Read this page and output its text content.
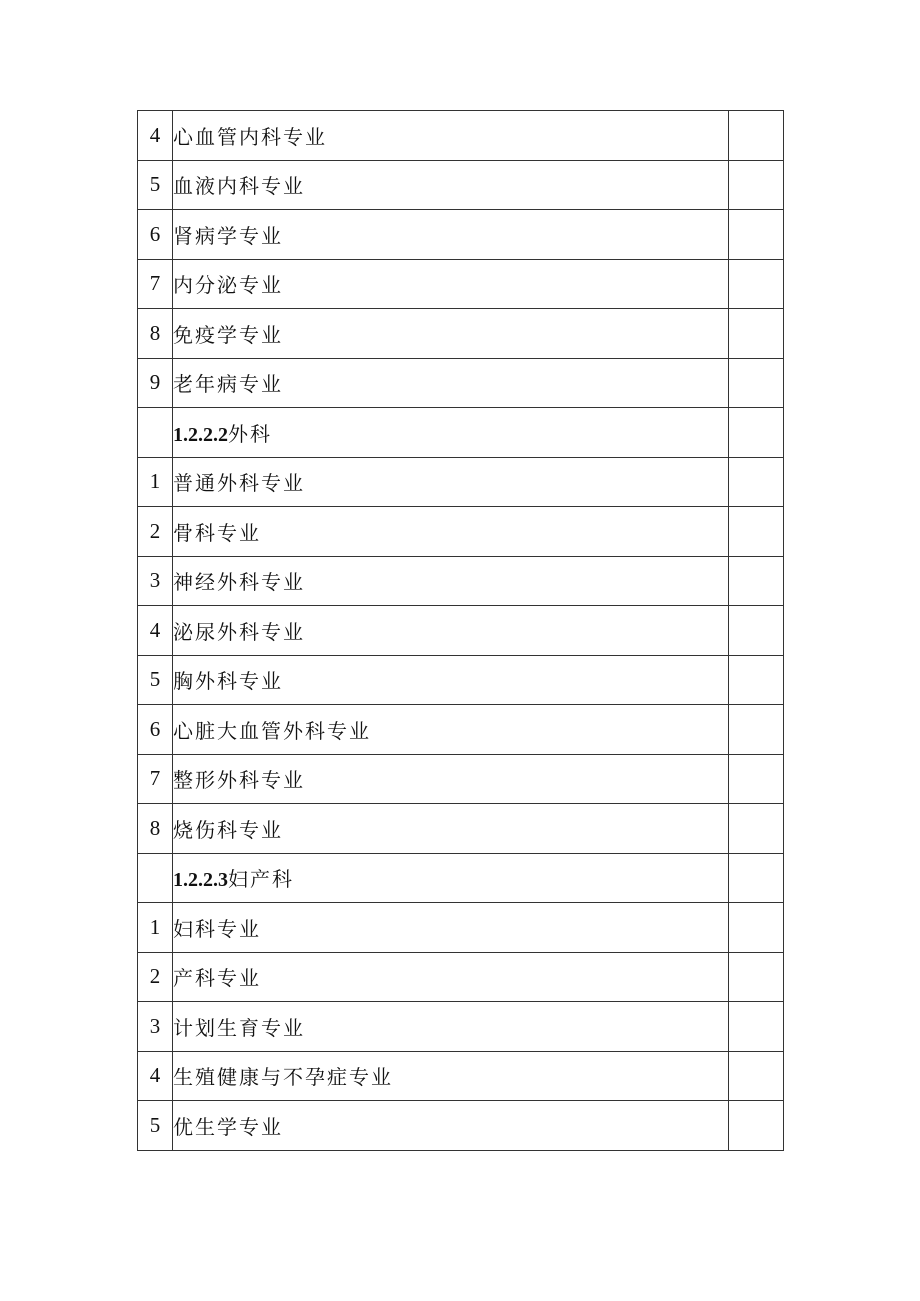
4	心血管内科专业	
5	血液内科专业	
6	肾病学专业	
7	内分泌专业	
8	免疫学专业	
9	老年病专业	
	1.2.2.2外科	
1	普通外科专业	
2	骨科专业	
3	神经外科专业	
4	泌尿外科专业	
5	胸外科专业	
6	心脏大血管外科专业	
7	整形外科专业	
8	烧伤科专业	
	1.2.2.3妇产科	
1	妇科专业	
2	产科专业	
3	计划生育专业	
4	生殖健康与不孕症专业	
5	优生学专业	
